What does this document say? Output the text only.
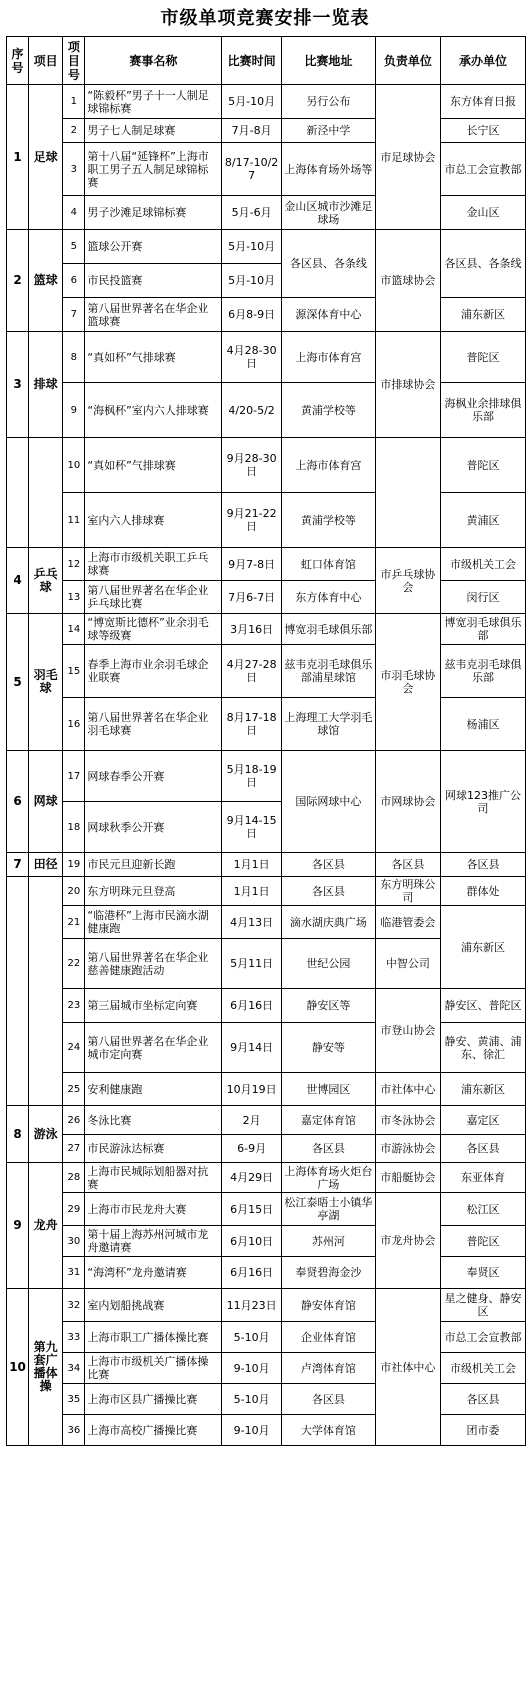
市级单项竞赛安排一览表
序号	项目	项目号	赛事名称	比赛时间	比赛地址	负责单位	承办单位
1	足球	1	“陈毅杯”男子十一人制足球锦标赛	5月-10月	另行公布	市足球协会	东方体育日报
		2	男子七人制足球赛	7月-8月	新泾中学		长宁区
		3	第十八届“延锋杯”上海市职工男子五人制足球锦标赛	8/17-10/27	上海体育场外场等		市总工会宣教部
		4	男子沙滩足球锦标赛	5月-6月	金山区城市沙滩足球场		金山区
2	篮球	5	篮球公开赛	5月-10月	各区县、各条线	市篮球协会	各区县、各条线
		6	市民投篮赛	5月-10月			
		7	第八届世界著名在华企业篮球赛	6月8-9日	源深体育中心		浦东新区
3	排球	8	“真如杯”气排球赛	4月28-30日	上海市体育宫	市排球协会	普陀区
		9	“海枫杯”室内六人排球赛	4/20-5/2	黄浦学校等		海枫业余排球俱乐部
		10	“真如杯”气排球赛	9月28-30日	上海市体育宫		普陀区
		11	室内六人排球赛	9月21-22日	黄浦学校等		黄浦区
4	乒乓球	12	上海市市级机关职工乒乓球赛	9月7-8日	虹口体育馆	市乒乓球协会	市级机关工会
		13	第八届世界著名在华企业乒乓球比赛	7月6-7日	东方体育中心		闵行区
5	羽毛球	14	“博宽斯比德杯”业余羽毛球等级赛	3月16日	博宽羽毛球俱乐部	市羽毛球协会	博宽羽毛球俱乐部
		15	春季上海市业余羽毛球企业联赛	4月27-28日	兹韦克羽毛球俱乐部浦星球馆		兹韦克羽毛球俱乐部
		16	第八届世界著名在华企业羽毛球赛	8月17-18日	上海理工大学羽毛球馆		杨浦区
6	网球	17	网球春季公开赛	5月18-19日	国际网球中心	市网球协会	网球123推广公司
		18	网球秋季公开赛	9月14-15日			
7	田径	19	市民元旦迎新长跑	1月1日	各区县	各区县	各区县
		20	东方明珠元旦登高	1月1日	各区县	东方明珠公司	群体处
		21	“临港杯”上海市民滴水湖健康跑	4月13日	滴水湖庆典广场	临港管委会	浦东新区
		22	第八届世界著名在华企业慈善健康跑活动	5月11日	世纪公园	中智公司	
		23	第三届城市坐标定向赛	6月16日	静安区等	市登山协会	静安区、普陀区
		24	第八届世界著名在华企业城市定向赛	9月14日	静安等		静安、黄浦、浦东、徐汇
		25	安利健康跑	10月19日	世博园区	市社体中心	浦东新区
8	游泳	26	冬泳比赛	2月	嘉定体育馆	市冬泳协会	嘉定区
		27	市民游泳达标赛	6-9月	各区县	市游泳协会	各区县
9	龙舟	28	上海市民城际划船器对抗赛	4月29日	上海体育场火炬台广场	市船艇协会	东亚体育
		29	上海市市民龙舟大赛	6月15日	松江泰晤士小镇华亭湖	市龙舟协会	松江区
		30	第十届上海苏州河城市龙舟邀请赛	6月10日	苏州河		普陀区
		31	“海湾杯”龙舟邀请赛	6月16日	奉贤碧海金沙		奉贤区
10	第九套广播体操	32	室内划船挑战赛	11月23日	静安体育馆	市社体中心	星之健身、静安区
		33	上海市职工广播体操比赛	5-10月	企业体育馆		市总工会宣教部
		34	上海市市级机关广播体操比赛	9-10月	卢湾体育馆		市级机关工会
		35	上海市区县广播操比赛	5-10月	各区县		各区县
		36	上海市高校广播操比赛	9-10月	大学体育馆		团市委
